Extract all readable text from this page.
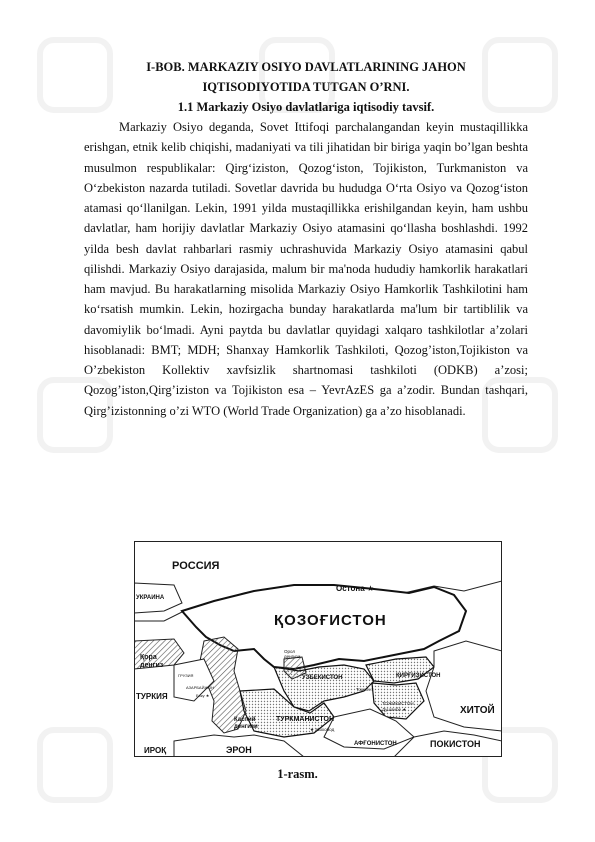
I-BOB. MARKAZIY OSIYO DAVLATLARINING JAHON

IQTISODIYOTIDA TUTGAN O’RNI.

1.1 Markaziy Osiyo davlatlariga iqtisodiy tavsif.

Markaziy Osiyo deganda, Sovet Ittifoqi parchalangandan keyin mustaqillikka erishgan, etnik kelib chiqishi, madaniyati va tili jihatidan bir biriga yaqin bo’lgan beshta musulmon respublikalar: Qirg‘iziston, Qozog‘iston, Tojikiston, Turkmaniston va O‘zbekiston nazarda tutiladi. Sovetlar davrida bu hududga O‘rta Osiyo va Qozog‘iston atamasi qo‘llanilgan. Lekin, 1991 yilda mustaqillikka erishilgandan keyin, ham ushbu davlatlar, ham horijiy davlatlar Markaziy Osiyo atamasini qo‘llasha boshlashdi. 1992 yilda besh davlat rahbarlari rasmiy uchrashuvida Markaziy Osiyo atamasini qabul qilishdi. Markaziy Osiyo darajasida, malum bir ma'noda hududiy hamkorlik harakatlari ham mavjud. Bu harakatlarning misolida Markaziy Osiyo Hamkorlik Tashkilotini ham ko‘rsatish mumkin. Lekin, hozirgacha bunday harakatlarda ma'lum bir tartiblilik va davomiylik bo‘lmadi. Ayni paytda bu davlatlar quyidagi xalqaro tashkilotlar a’zolari hisoblanadi: BMT; MDH; Shanxay Hamkorlik Tashkiloti, Qozog’iston,Tojikiston va O’zbekiston Kollektiv xavfsizlik shartnomasi tashkiloti (ODKB) a’zosi; Qozog’iston,Qirg’iziston va Tojikiston esa – YevrAzES ga a’zodir. Bundan tashqari, Qirg’izistonning o’zi WTO (World Trade Organization) ga a’zo hisoblanadi.

РОССИЯ
УКРАИНА
Остона ★
ҚОЗОҒИСТОН
Қора
денгиз
ТУРКИЯ
ГРУЗИЯ
АЗАРБАЙЖОН
Боку ★
Орол
денгизи
ЎЗБЕКИСТОН	ҚИРҒИЗИСТОН
Тошкент
Каспий
денгизи
ТУРКМАНИСТОН
★ Ашхобод
ТОЖИКИСТОН
Душанбе ★	ХИТОЙ
АФҒОНИСТОН	ПОКИСТОН
ИРОҚ	ЭРОН
1-rasm.
